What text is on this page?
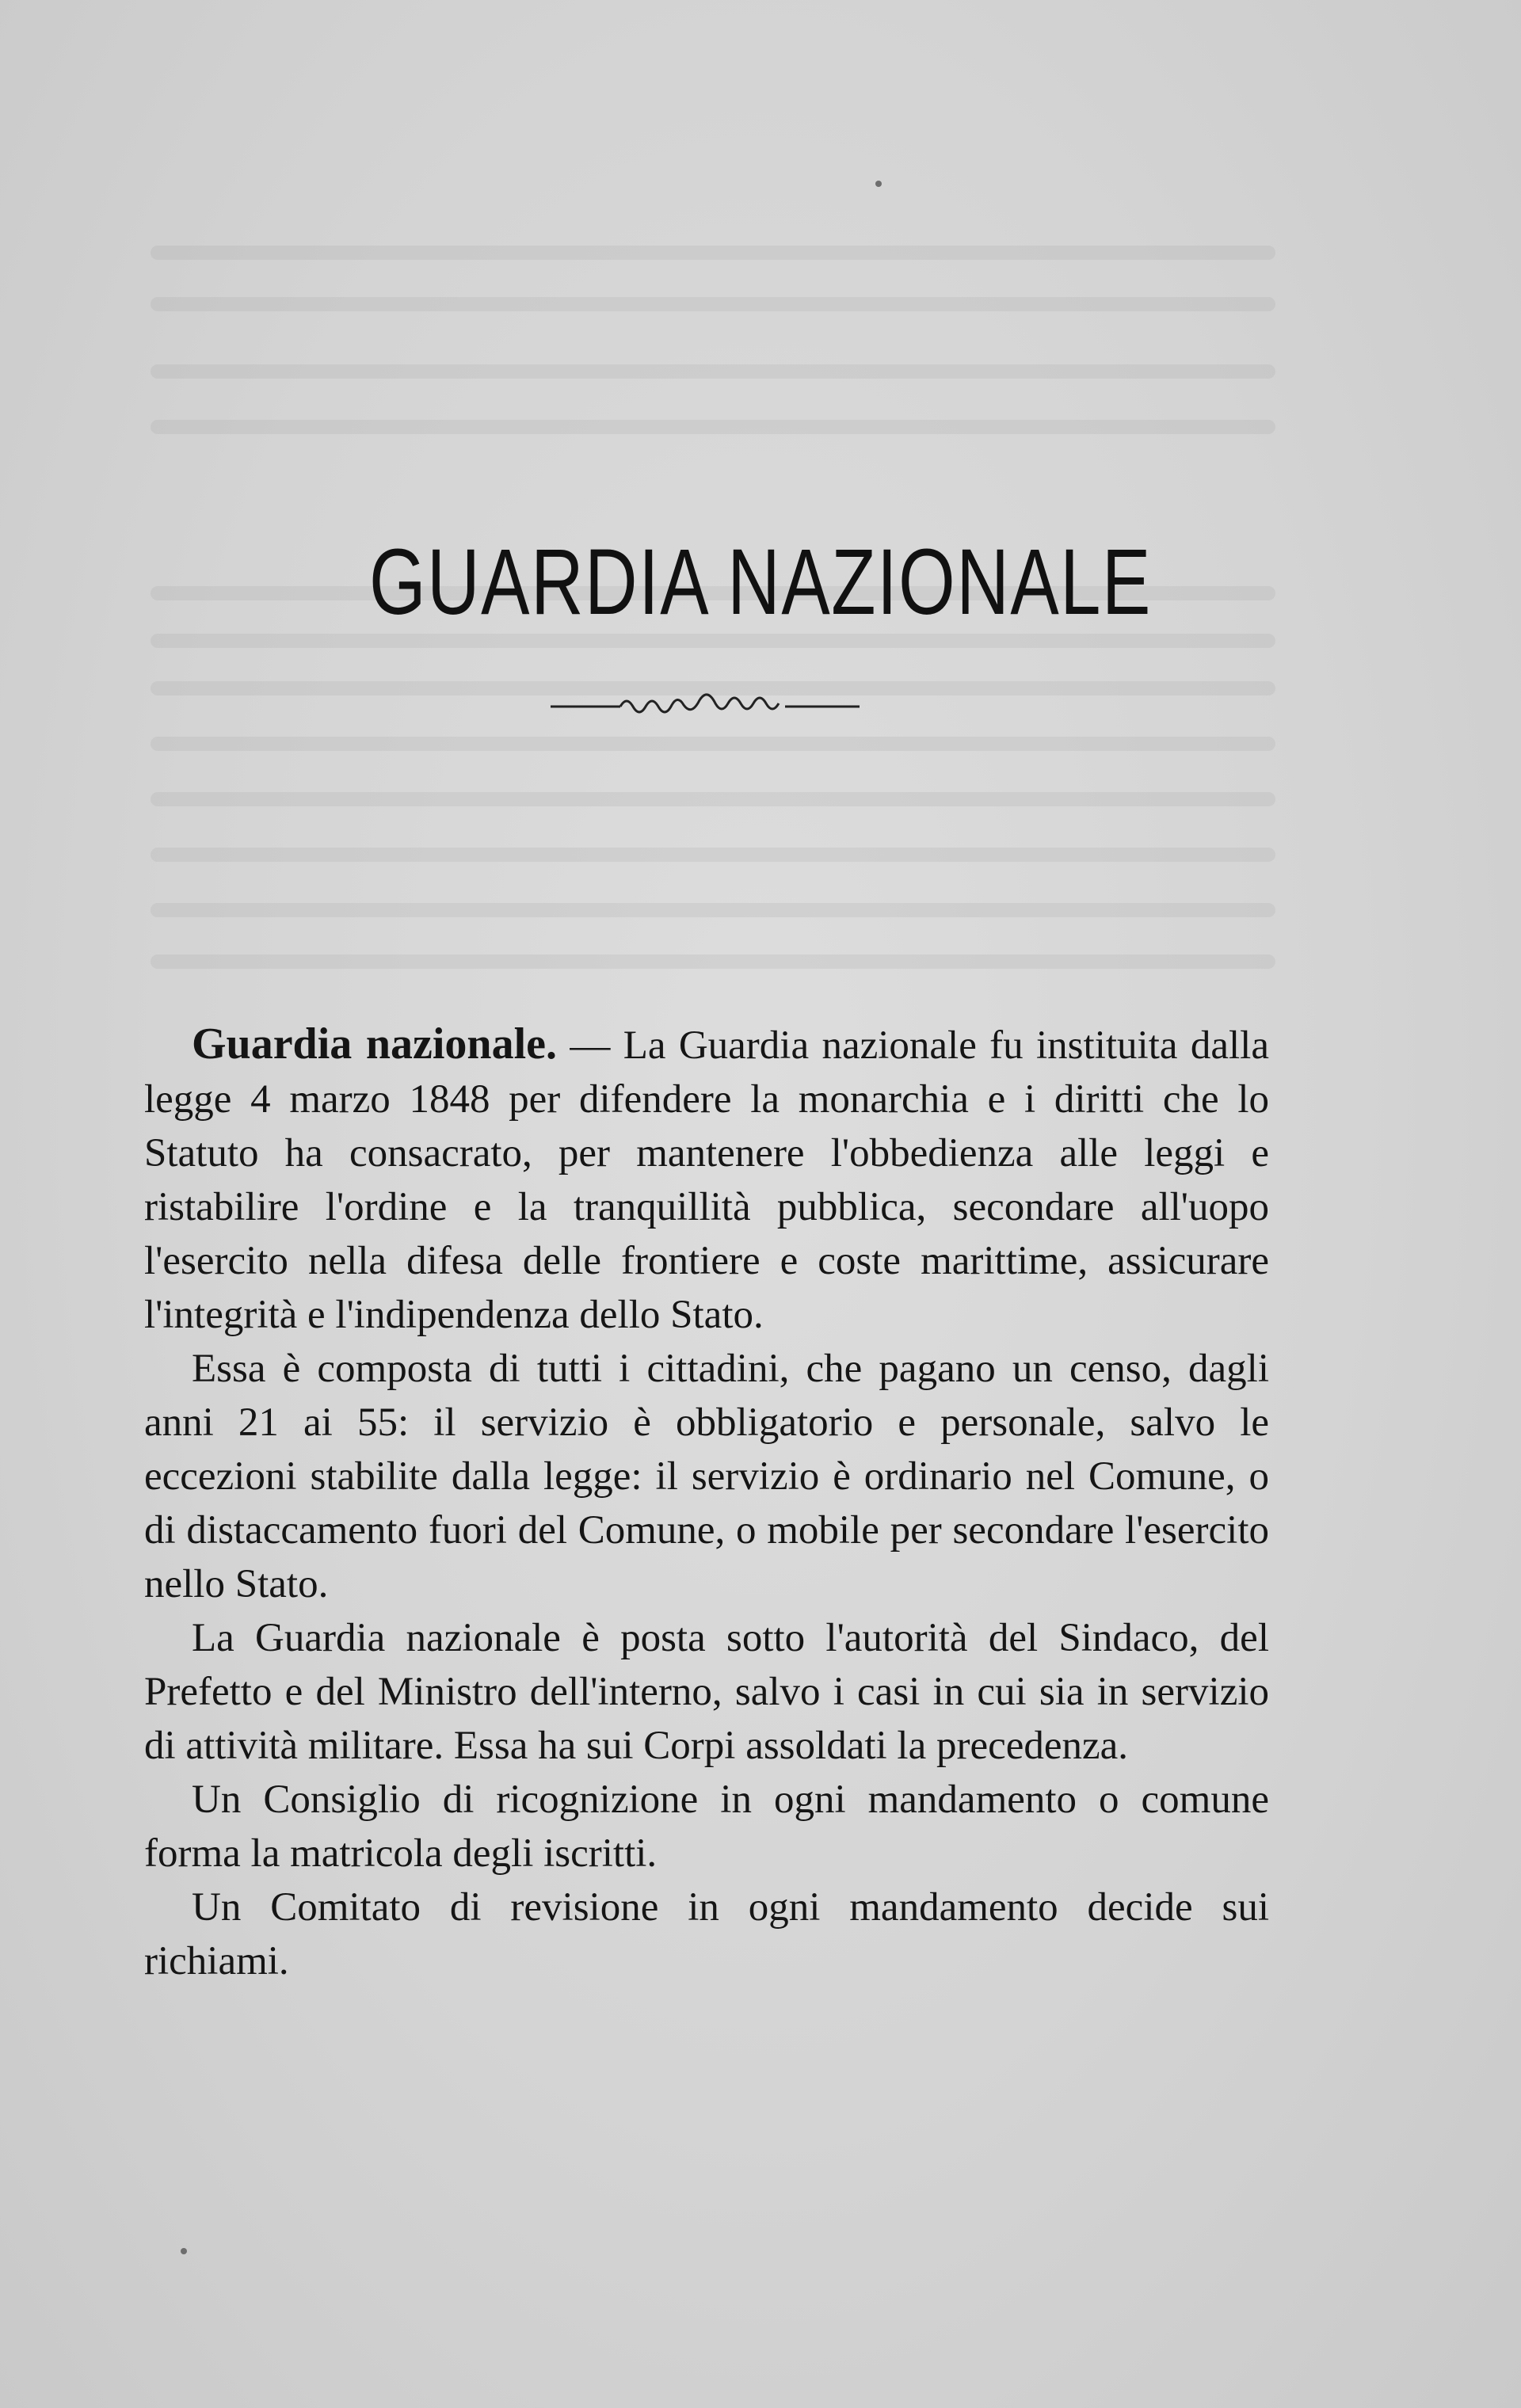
GUARDIA NAZIONALE

Guardia nazionale. — La Guardia nazionale fu instituita dalla legge 4 marzo 1848 per difendere la monarchia e i diritti che lo Statuto ha consacrato, per mantenere l'obbedienza alle leggi e ristabilire l'ordine e la tranquillità pubblica, secondare all'uopo l'esercito nella difesa delle frontiere e coste marittime, assicurare l'integrità e l'indipendenza dello Stato.

Essa è composta di tutti i cittadini, che pagano un censo, dagli anni 21 ai 55: il servizio è obbligatorio e personale, salvo le eccezioni stabilite dalla legge: il servizio è ordinario nel Comune, o di distaccamento fuori del Comune, o mobile per secondare l'esercito nello Stato.

La Guardia nazionale è posta sotto l'autorità del Sindaco, del Prefetto e del Ministro dell'interno, salvo i casi in cui sia in servizio di attività militare. Essa ha sui Corpi assoldati la precedenza.

Un Consiglio di ricognizione in ogni mandamento o comune forma la matricola degli iscritti.

Un Comitato di revisione in ogni mandamento decide sui richiami.
